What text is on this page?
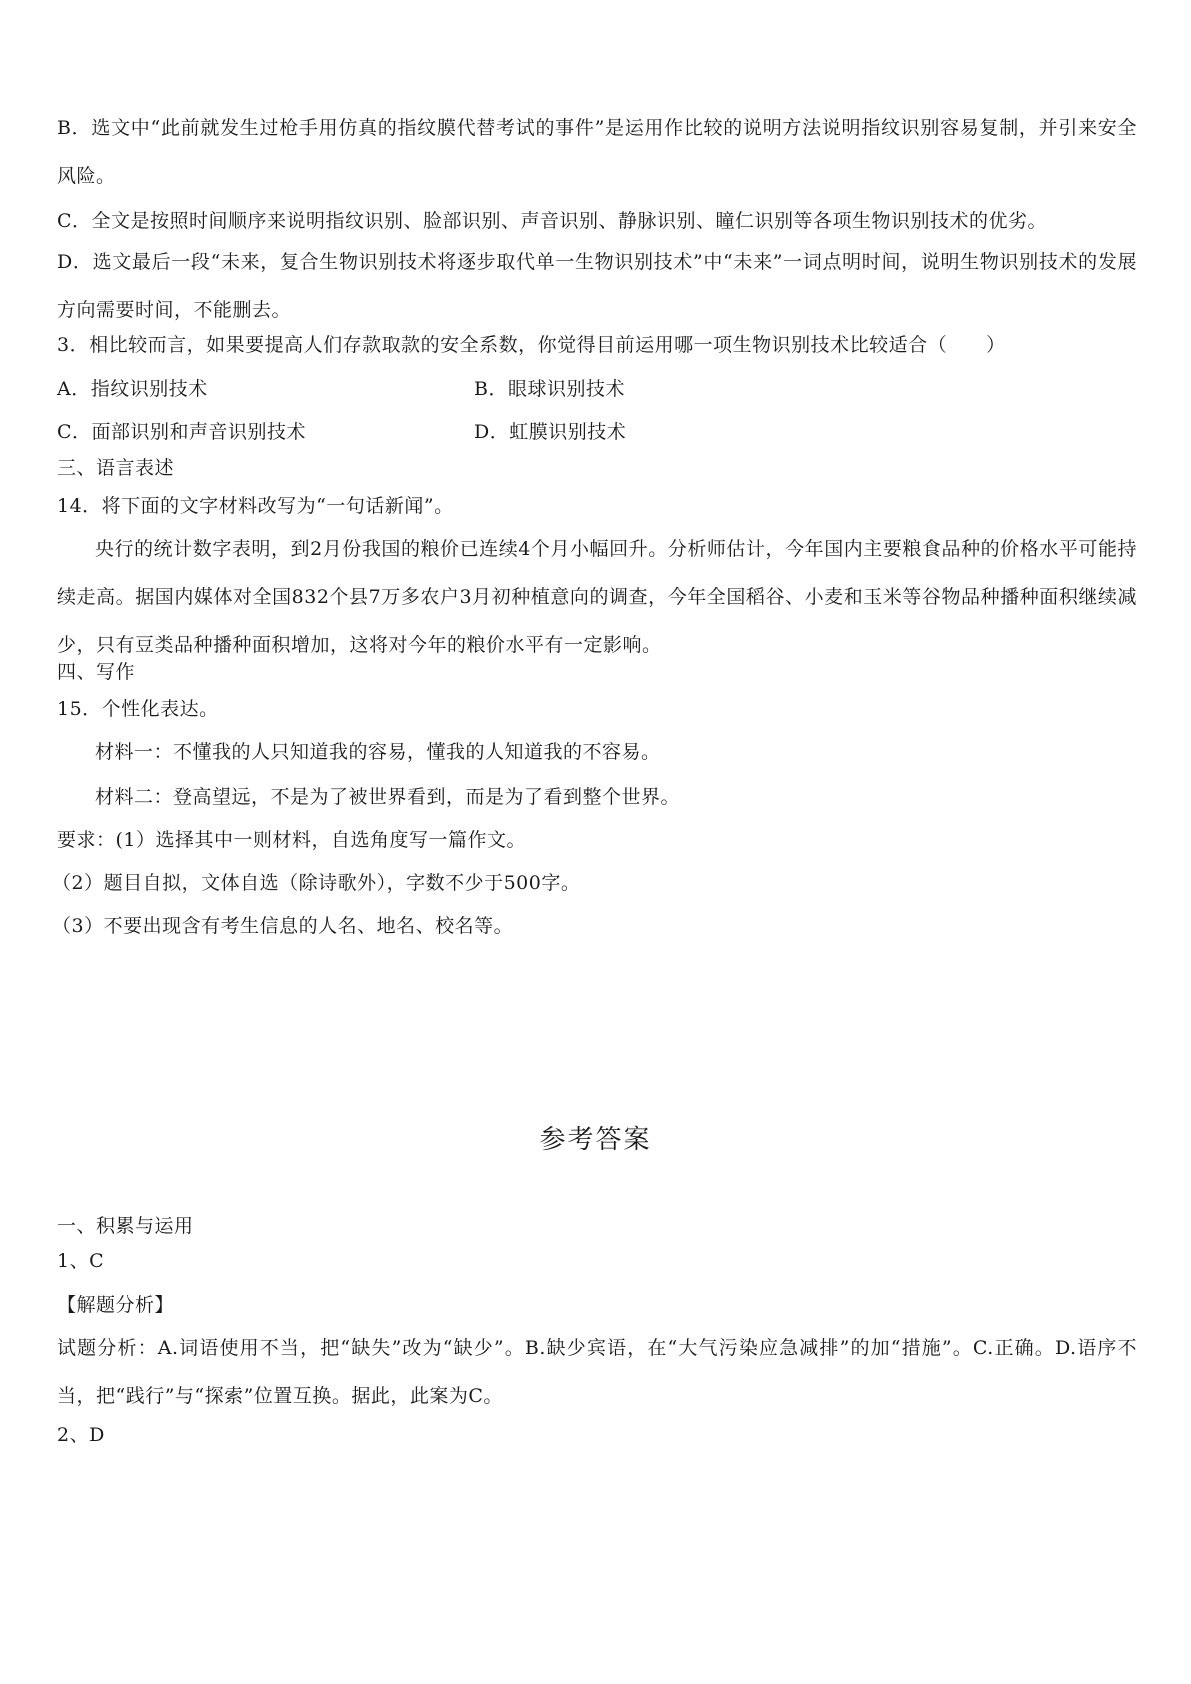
B．选文中“此前就发生过枪手用仿真的指纹膜代替考试的事件”是运用作比较的说明方法说明指纹识别容易复制，并引来安全风险。
C．全文是按照时间顺序来说明指纹识别、脸部识别、声音识别、静脉识别、瞳仁识别等各项生物识别技术的优劣。
D．选文最后一段“未来，复合生物识别技术将逐步取代单一生物识别技术”中“未来”一词点明时间，说明生物识别技术的发展方向需要时间，不能删去。
3．相比较而言，如果要提高人们存款取款的安全系数，你觉得目前运用哪一项生物识别技术比较适合（　　）
A．指纹识别技术	B．眼球识别技术
C．面部识别和声音识别技术	D．虹膜识别技术
三、语言表述
14．将下面的文字材料改写为“一句话新闻”。
央行的统计数字表明，到2月份我国的粮价已连续4个月小幅回升。分析师估计，今年国内主要粮食品种的价格水平可能持续走高。据国内媒体对全国832个县7万多农户3月初种植意向的调查，今年全国稻谷、小麦和玉米等谷物品种播种面积继续减少，只有豆类品种播种面积增加，这将对今年的粮价水平有一定影响。
四、写作
15．个性化表达。
材料一：不懂我的人只知道我的容易，懂我的人知道我的不容易。
材料二：登高望远，不是为了被世界看到，而是为了看到整个世界。
要求：(1）选择其中一则材料，自选角度写一篇作文。
（2）题目自拟，文体自选（除诗歌外），字数不少于500字。
（3）不要出现含有考生信息的人名、地名、校名等。
参考答案
一、积累与运用
1、C
【解题分析】
试题分析：A.词语使用不当，把“缺失”改为“缺少”。B.缺少宾语，在“大气污染应急减排”的加“措施”。C.正确。D.语序不当，把“践行”与“探索”位置互换。据此，此案为C。
2、D
